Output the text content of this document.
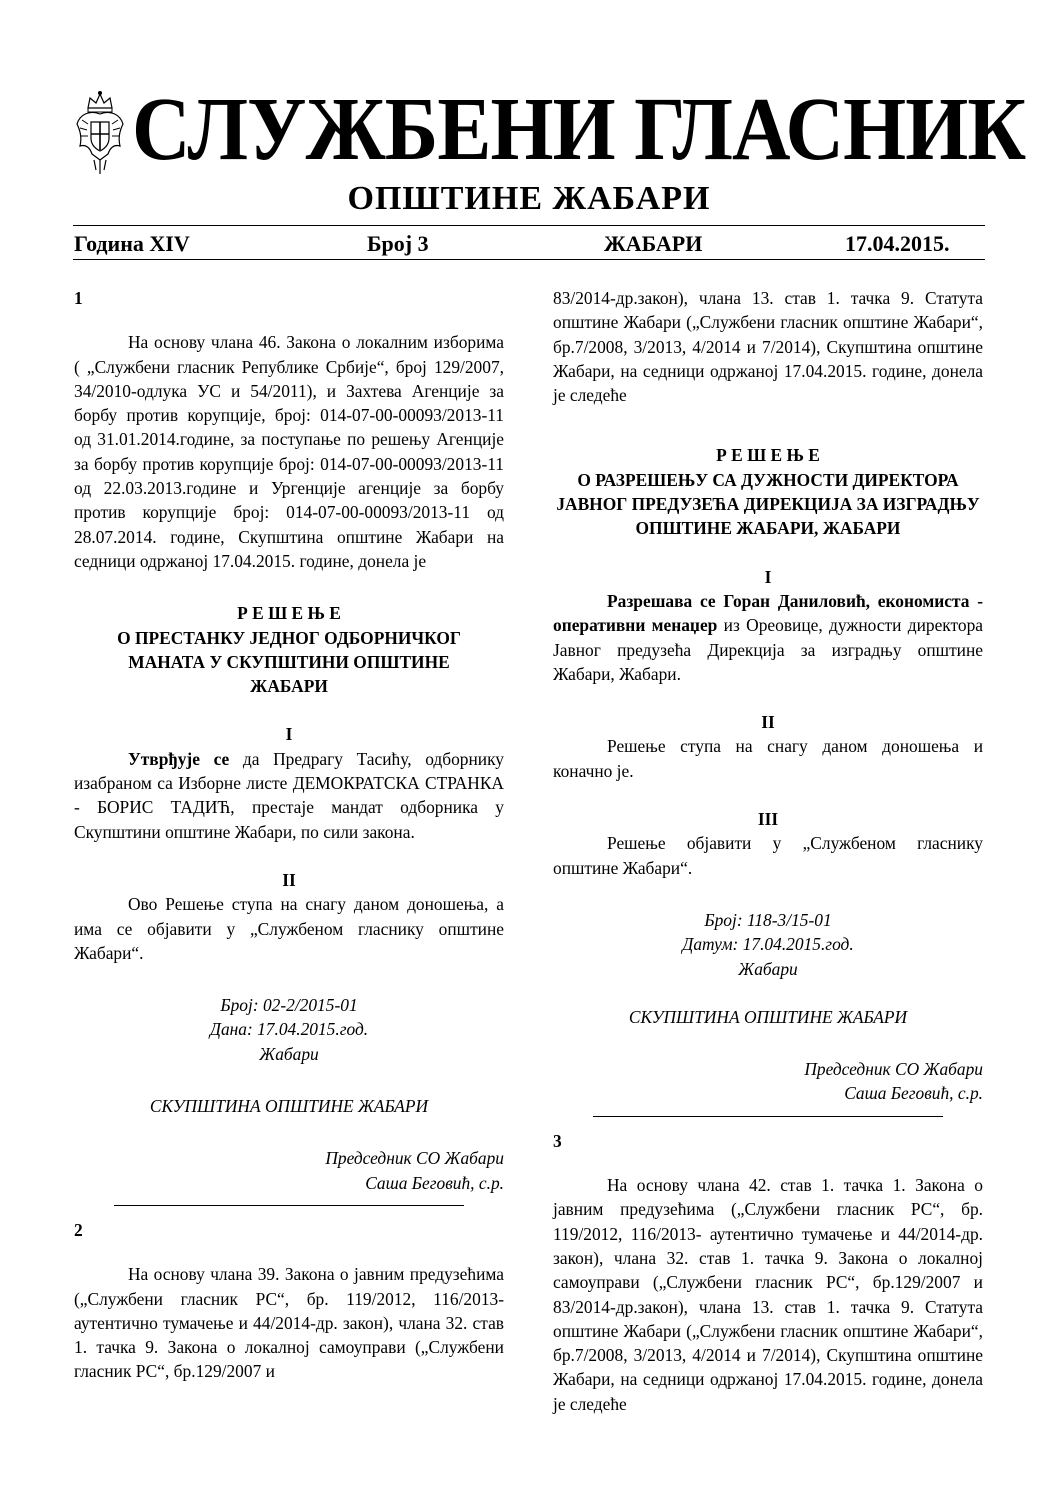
СЛУЖБЕНИ ГЛАСНИК
ОПШТИНЕ ЖАБАРИ
Година XIV	Број 3	ЖАБАРИ	17.04.2015.

1

На основу члана 46. Закона о локалним изборима ( „Службени гласник Републике Србије“, број 129/2007, 34/2010-одлука УС и 54/2011), и Захтева Агенције за борбу против корупције, број: 014-07-00-00093/2013-11 од 31.01.2014.године, за поступање по решењу Агенције за борбу против корупције број: 014-07-00-00093/2013-11 од 22.03.2013.године и Ургенције агенције за борбу против корупције број: 014-07-00-00093/2013-11 од 28.07.2014. године, Скупштина општине Жабари на седници одржаној 17.04.2015. године, донела је

Р Е Ш Е Њ Е

О ПРЕСТАНКУ ЈЕДНОГ ОДБОРНИЧКОГ МАНАТА У СКУПШТИНИ ОПШТИНЕ ЖАБАРИ

I

Утврђује се да Предрагу Тасићу, одборнику изабраном са Изборне листе ДЕМОКРАТСКА СТРАНКА - БОРИС ТАДИЋ, престаје мандат одборника у Скупштини општине Жабари, по сили закона.

II

Ово Решење ступа на снагу даном доношења, а има се објавити у „Службеном гласнику општине Жабари“.

Број: 02-2/2015-01

Дана: 17.04.2015.год.

Жабари

СКУПШТИНА ОПШТИНЕ ЖАБАРИ

Председник СО Жабари

Саша Беговић, с.р.

2

На основу члана 39. Закона о јавним предузећима („Службени гласник РС“, бр. 119/2012, 116/2013- аутентично тумачење и 44/2014-др. закон), члана 32. став 1. тачка 9. Закона о локалној самоуправи („Службени гласник РС“, бр.129/2007 и

83/2014-др.закон), члана 13. став 1. тачка 9. Статута општине Жабари („Службени гласник општине Жабари“, бр.7/2008, 3/2013, 4/2014 и 7/2014), Скупштина општине Жабари, на седници одржаној 17.04.2015. године, донела је следеће

Р Е Ш Е Њ Е

О РАЗРЕШЕЊУ СА ДУЖНОСТИ ДИРЕКТОРА ЈАВНОГ ПРЕДУЗЕЋА ДИРЕКЦИЈА ЗА ИЗГРАДЊУ ОПШТИНЕ ЖАБАРИ, ЖАБАРИ

I

Разрешава се Горан Даниловић, економиста - оперативни менаџер из Ореовице, дужности директора Јавног предузећа Дирекција за изградњу општине Жабари, Жабари.

II

Решење ступа на снагу даном доношења и коначно је.

III

Решење објавити у „Службеном гласнику општине Жабари“.

Број: 118-3/15-01

Датум: 17.04.2015.год.

Жабари

СКУПШТИНА ОПШТИНЕ ЖАБАРИ

Председник СО Жабари

Саша Беговић, с.р.

3

На основу члана 42. став 1. тачка 1. Закона о јавним предузећима („Службени гласник РС“, бр. 119/2012, 116/2013- аутентично тумачење и 44/2014-др. закон), члана 32. став 1. тачка 9. Закона о локалној самоуправи („Службени гласник РС“, бр.129/2007 и 83/2014-др.закон), члана 13. став 1. тачка 9. Статута општине Жабари („Службени гласник општине Жабари“, бр.7/2008, 3/2013, 4/2014 и 7/2014), Скупштина општине Жабари, на седници одржаној 17.04.2015. године, донела је следеће
